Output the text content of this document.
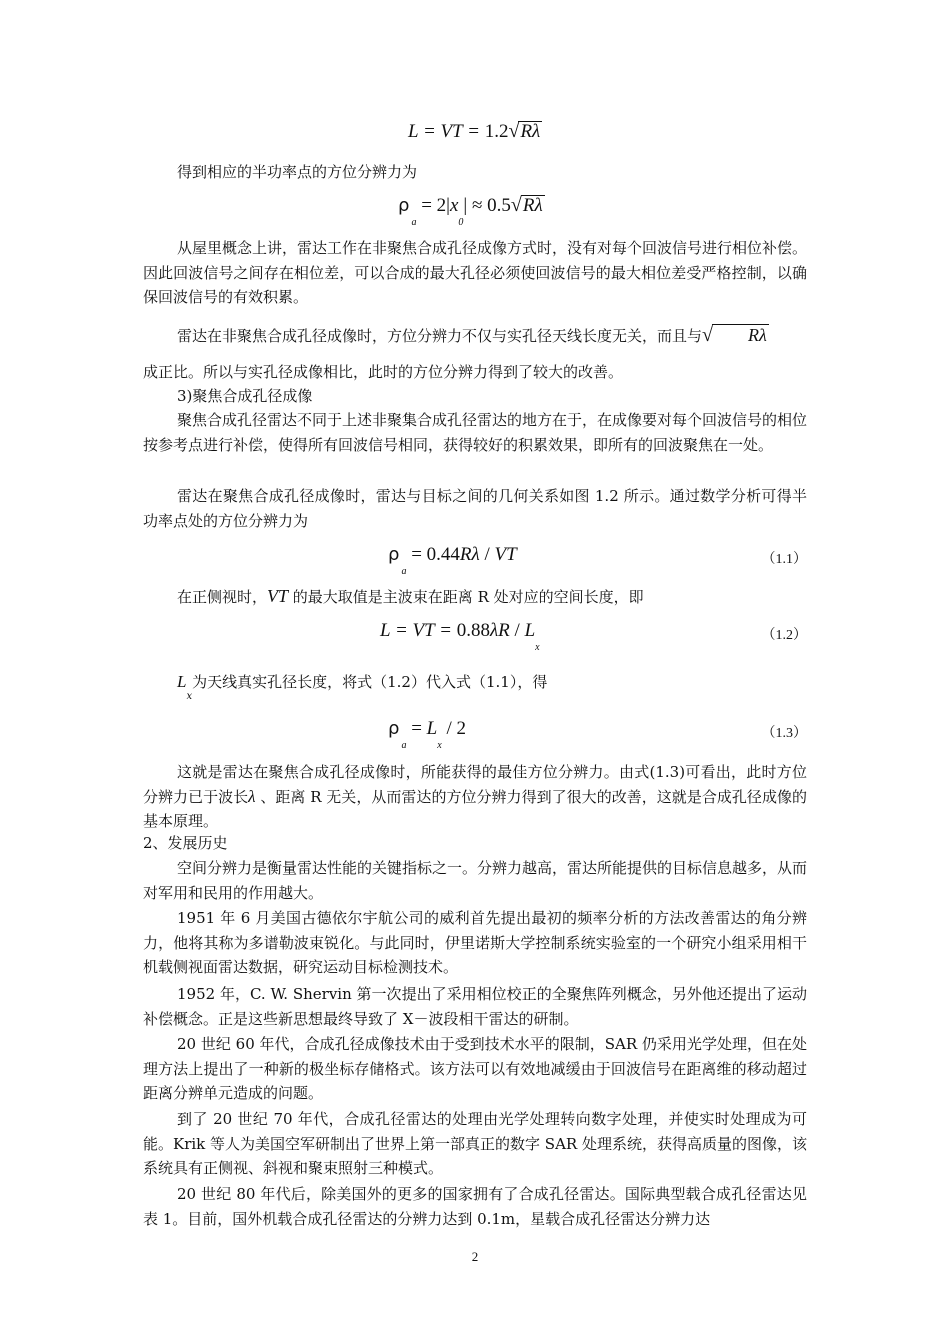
L = VT = 1.2√Rλ

得到相应的半功率点的方位分辨力为

$\rho_a = 2|x_0| \approx 0.5√R\lambda$

从屋里概念上讲，雷达工作在非聚焦合成孔径成像方式时，没有对每个回波信号进行相位补偿。因此回波信号之间存在相位差，可以合成的最大孔径必须使回波信号的最大相位差受严格控制，以确保回波信号的有效积累。

雷达在非聚焦合成孔径成像时，方位分辨力不仅与实孔径天线长度无关，而且与√ Rλ

成正比。所以与实孔径成像相比，此时的方位分辨力得到了较大的改善。

3)聚焦合成孔径成像

聚焦合成孔径雷达不同于上述非聚集合成孔径雷达的地方在于，在成像要对每个回波信号的相位按参考点进行补偿，使得所有回波信号相同，获得较好的积累效果，即所有的回波聚焦在一处。

雷达在聚焦合成孔径成像时，雷达与目标之间的几何关系如图 1.2 所示。通过数学分析可得半功率点处的方位分辨力为

$\rho_a = 0.44R\lambda$ / VT	（1.1）

在正侧视时，VT 的最大取值是主波束在距离 R 处对应的空间长度，即

L = VT = $0.88\lambda R / L_x$
（1.2）

$L_x$为天线真实孔径长度，将式（1.2）代入式（1.1），得

$\rho_a = L_x / 2$	（1.3）

这就是雷达在聚焦合成孔径成像时，所能获得的最佳方位分辨力。由式(1.3)可看出，此时方位分辨力已于波长λ 、距离 R 无关，从而雷达的方位分辨力得到了很大的改善，这就是合成孔径成像的基本原理。

2、发展历史

空间分辨力是衡量雷达性能的关键指标之一。分辨力越高，雷达所能提供的目标信息越多，从而对军用和民用的作用越大。

1951 年 6 月美国古德依尔宇航公司的威利首先提出最初的频率分析的方法改善雷达的角分辨力，他将其称为多谱勒波束锐化。与此同时，伊里诺斯大学控制系统实验室的一个研究小组采用相干机载侧视面雷达数据，研究运动目标检测技术。

1952 年，C. W. Shervin 第一次提出了采用相位校正的全聚焦阵列概念，另外他还提出了运动补偿概念。正是这些新思想最终导致了 X－波段相干雷达的研制。

20 世纪 60 年代，合成孔径成像技术由于受到技术水平的限制，SAR 仍采用光学处理，但在处理方法上提出了一种新的极坐标存储格式。该方法可以有效地减缓由于回波信号在距离维的移动超过距离分辨单元造成的问题。

到了 20 世纪 70 年代，合成孔径雷达的处理由光学处理转向数字处理，并使实时处理成为可能。Krik 等人为美国空军研制出了世界上第一部真正的数字 SAR 处理系统，获得高质量的图像，该系统具有正侧视、斜视和聚束照射三种模式。

20 世纪 80 年代后，除美国外的更多的国家拥有了合成孔径雷达。国际典型载合成孔径雷达见表 1。目前，国外机载合成孔径雷达的分辨力达到 0.1m，星载合成孔径雷达分辨力达

2
